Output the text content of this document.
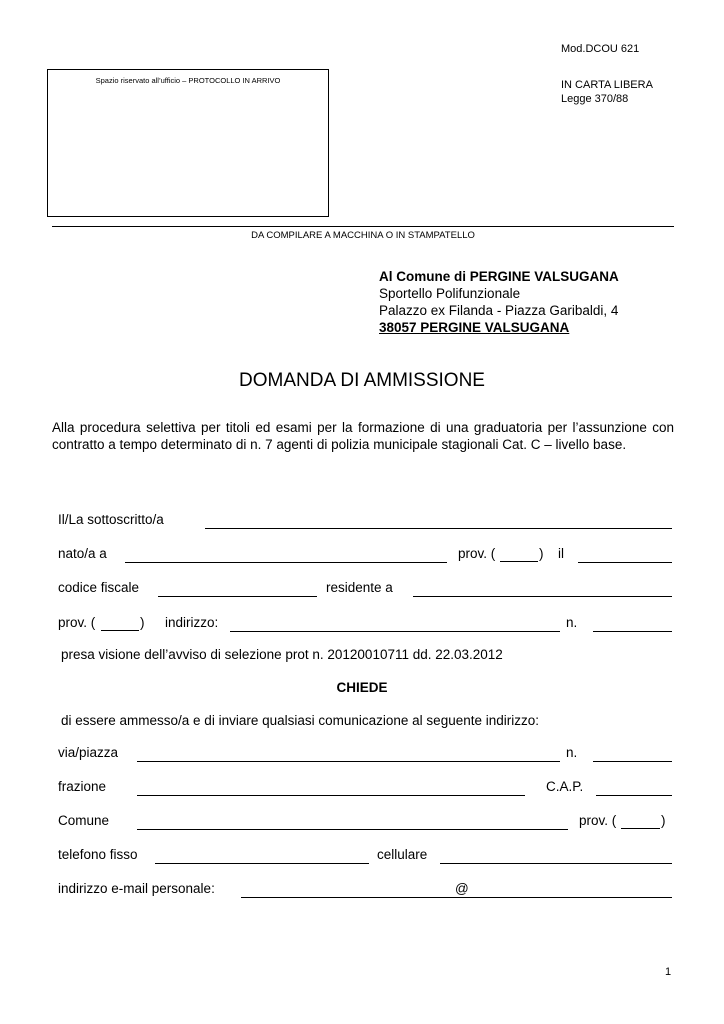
Mod.DCOU 621
IN CARTA LIBERA
Legge 370/88
Spazio riservato all’ufficio – PROTOCOLLO IN ARRIVO
DA COMPILARE A MACCHINA O IN STAMPATELLO
Al Comune di PERGINE VALSUGANA
Sportello Polifunzionale
Palazzo ex Filanda - Piazza Garibaldi, 4
38057 PERGINE VALSUGANA
DOMANDA DI AMMISSIONE
Alla procedura selettiva per titoli ed esami per la formazione di una graduatoria per l’assunzione con contratto a tempo determinato di n. 7 agenti di polizia municipale stagionali Cat. C – livello base.
Il/La sottoscritto/a
nato/a a	prov. (	) il
codice fiscale	residente a
prov. (	) indirizzo:	n.
presa visione dell’avviso di selezione prot n. 20120010711 dd. 22.03.2012
CHIEDE
di essere ammesso/a e di inviare qualsiasi comunicazione al seguente indirizzo:
via/piazza	n.
frazione	C.A.P.
Comune	prov. (	)
telefono fisso	cellulare
indirizzo e-mail personale:	@
1
